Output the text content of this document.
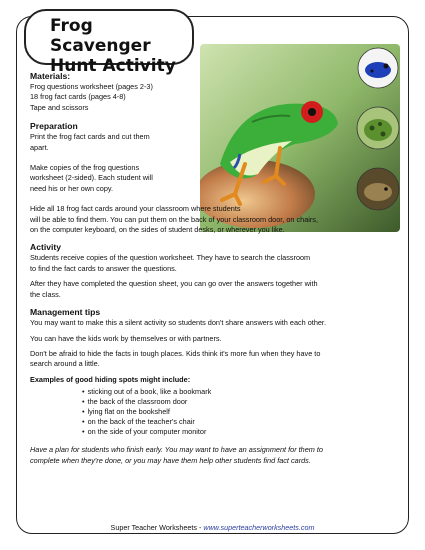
Frog Scavenger
Hunt Activity

Materials:

Frog questions worksheet (pages 2-3)

18 frog fact cards (pages 4-8)

Tape and scissors

Preparation

Print the frog fact cards and cut them

apart.

Make copies of the frog questions

worksheet (2-sided). Each student will

need his or her own copy.

Hide all 18 frog fact cards around your classroom where students

will be able to find them. You can put them on the back of your classroom door, on chairs,

on the computer keyboard, on the sides of student desks, or wherever you like.

Activity

Students receive copies of the question worksheet. They have to search the classroom

to find the fact cards to answer the questions.

After they have completed the question sheet, you can go over the answers together with

the class.

Management tips

You may want to make this a silent activity so students don't share answers with each other.

You can have the kids work by themselves or with partners.

Don't be afraid to hide the facts in tough places. Kids think it's more fun when they have to

search around a little.

Examples of good hiding spots might include:

• sticking out of a book, like a bookmark
• the back of the classroom door
• lying flat on the bookshelf
• on the back of the teacher's chair
• on the side of your computer monitor

Have a plan for students who finish early. You may want to have an assignment for them to

complete when they're done, or you may have them help other students find fact cards.

Super Teacher Worksheets - www.superteacherworksheets.com
